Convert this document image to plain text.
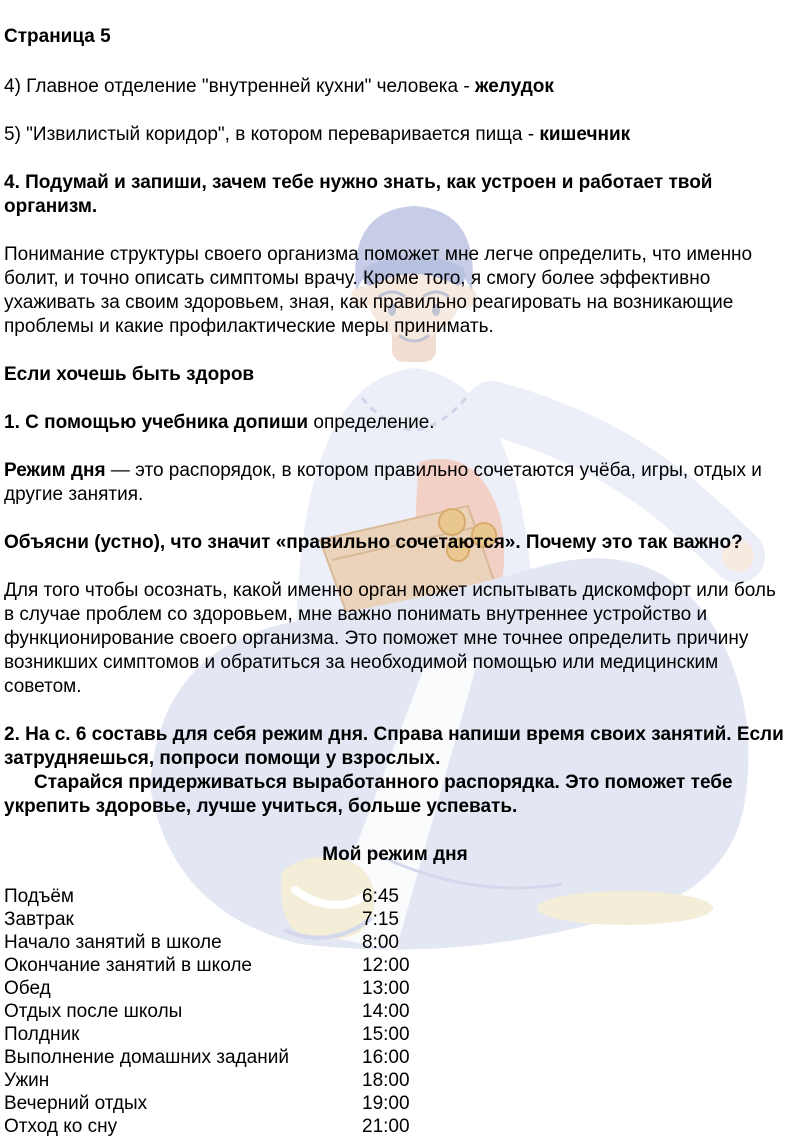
Страница 5

4) Главное отделение "внутренней кухни" человека - желудок

5) "Извилистый коридор", в котором переваривается пища - кишечник

4. Подумай и запиши, зачем тебе нужно знать, как устроен и работает твой организм.

Понимание структуры своего организма поможет мне легче определить, что именно болит, и точно описать симптомы врачу. Кроме того, я смогу более эффективно ухаживать за своим здоровьем, зная, как правильно реагировать на возникающие проблемы и какие профилактические меры принимать.

Если хочешь быть здоров

1. С помощью учебника допиши определение.

Режим дня — это распорядок, в котором правильно сочетаются учёба, игры, отдых и другие занятия.

Объясни (устно), что значит «правильно сочетаются». Почему это так важно?

Для того чтобы осознать, какой именно орган может испытывать дискомфорт или боль в случае проблем со здоровьем, мне важно понимать внутреннее устройство и функционирование своего организма. Это поможет мне точнее определить причину возникших симптомов и обратиться за необходимой помощью или медицинским советом.

2. На с. 6 составь для себя режим дня. Справа напиши время своих занятий. Если затрудняешься, попроси помощи у взрослых.

Старайся придерживаться выработанного распорядка. Это поможет тебе укрепить здоровье, лучше учиться, больше успевать.

Мой режим дня

Подъём	6:45
Завтрак	7:15
Начало занятий в школе	8:00
Окончание занятий в школе	12:00
Обед	13:00
Отдых после школы	14:00
Полдник	15:00
Выполнение домашних заданий	16:00
Ужин	18:00
Вечерний отдых	19:00
Отход ко сну	21:00
